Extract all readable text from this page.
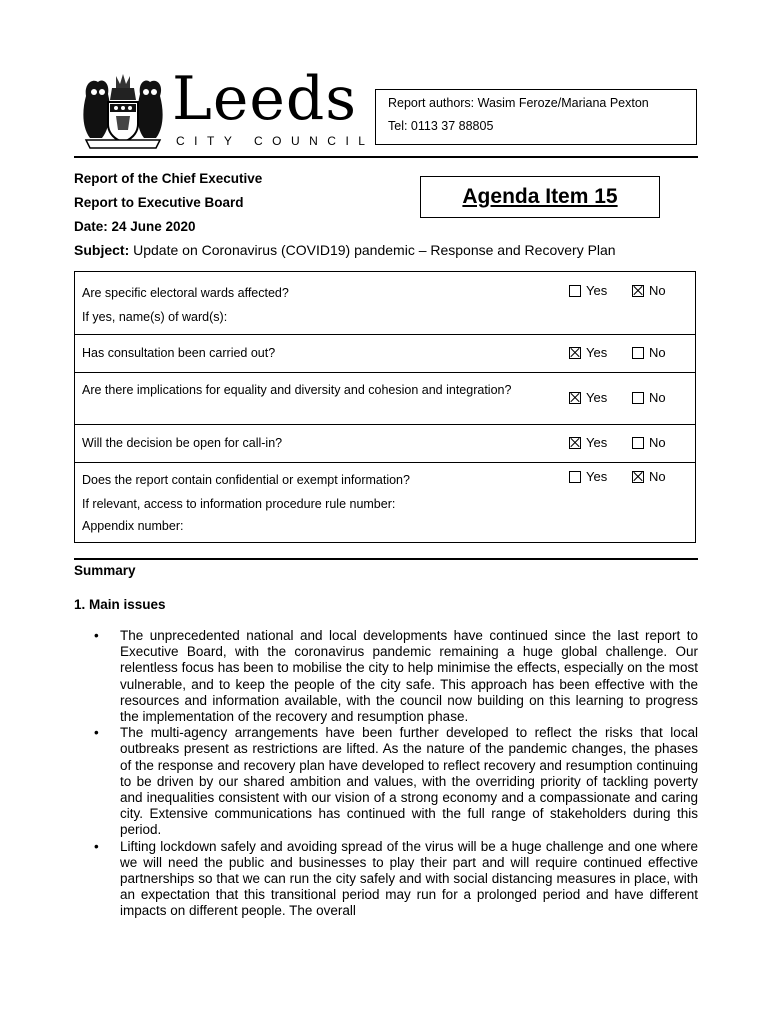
Leeds
CITY COUNCIL
Report authors: Wasim Feroze/Mariana Pexton
Tel: 0113 37 88805
Report of the Chief Executive
Report to Executive Board
Date: 24 June 2020
Subject: Update on Coronavirus (COVID19) pandemic – Response and Recovery Plan
Agenda Item 15
Are specific electoral wards affected?
If yes, name(s) of ward(s):
Yes	No
Has consultation been carried out?	Yes	No
Are there implications for equality and diversity and cohesion and integration?	Yes	No
Will the decision be open for call-in?	Yes	No
Does the report contain confidential or exempt information?
If relevant, access to information procedure rule number:
Appendix number:
Yes	No
Summary
1. Main issues
• The unprecedented national and local developments have continued since the last report to Executive Board, with the coronavirus pandemic remaining a huge global challenge. Our relentless focus has been to mobilise the city to help minimise the effects, especially on the most vulnerable, and to keep the people of the city safe. This approach has been effective with the resources and information available, with the council now building on this learning to progress the implementation of the recovery and resumption phase.
• The multi-agency arrangements have been further developed to reflect the risks that local outbreaks present as restrictions are lifted. As the nature of the pandemic changes, the phases of the response and recovery plan have developed to reflect recovery and resumption continuing to be driven by our shared ambition and values, with the overriding priority of tackling poverty and inequalities consistent with our vision of a strong economy and a compassionate and caring city. Extensive communications has continued with the full range of stakeholders during this period.
• Lifting lockdown safely and avoiding spread of the virus will be a huge challenge and one where we will need the public and businesses to play their part and will require continued effective partnerships so that we can run the city safely and with social distancing measures in place, with an expectation that this transitional period may run for a prolonged period and have different impacts on different people. The overall
